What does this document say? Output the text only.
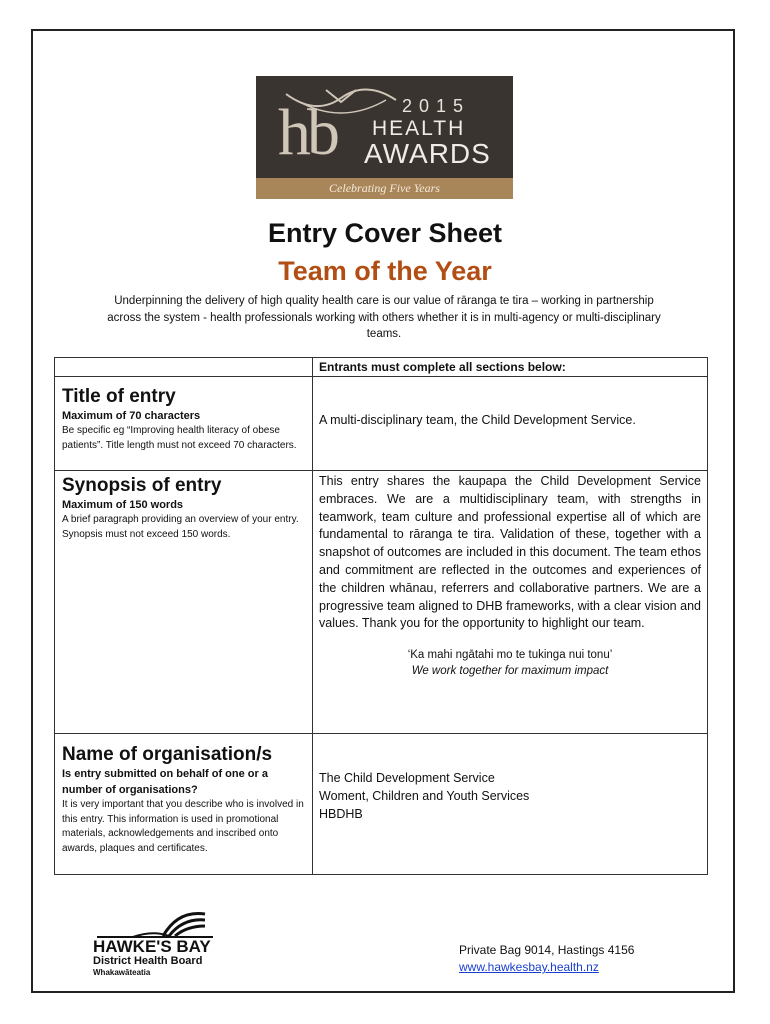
hb	2015
HEALTH
AWARDS
Celebrating Five Years
Entry Cover Sheet
Team of the Year
Underpinning the delivery of high quality health care is our value of rāranga te tira – working in partnership across the system - health professionals working with others whether it is in multi-agency or multi-disciplinary teams.
Entrants must complete all sections below:

Title of entry

Maximum of 70 characters

Be specific eg “Improving health literacy of obese patients”. Title length must not exceed 70 characters.
A multi-disciplinary team, the Child Development Service.

Synopsis of entry

Maximum of 150 words

A brief paragraph providing an overview of your entry.
Synopsis must not exceed 150 words.
This entry shares the kaupapa the Child Development Service embraces. We are a multidisciplinary team, with strengths in teamwork, team culture and professional expertise all of which are fundamental to rāranga te tira. Validation of these, together with a snapshot of outcomes are included in this document. The team ethos and commitment are reflected in the outcomes and experiences of the children whānau, referrers and collaborative partners. We are a progressive team aligned to DHB frameworks, with a clear vision and values. Thank you for the opportunity to highlight our team.
‘Ka mahi ngātahi mo te tukinga nui tonu’
We work together for maximum impact

Name of organisation/s

Is entry submitted on behalf of one or a number of organisations?

It is very important that you describe who is involved in this entry. This information is used in promotional materials, acknowledgements and inscribed onto awards, plaques and certificates.
The Child Development Service
Woment, Children and Youth Services
HBDHB
HAWKE'S BAY
District Health Board
Whakawāteatia
Private Bag 9014, Hastings 4156
www.hawkesbay.health.nz
